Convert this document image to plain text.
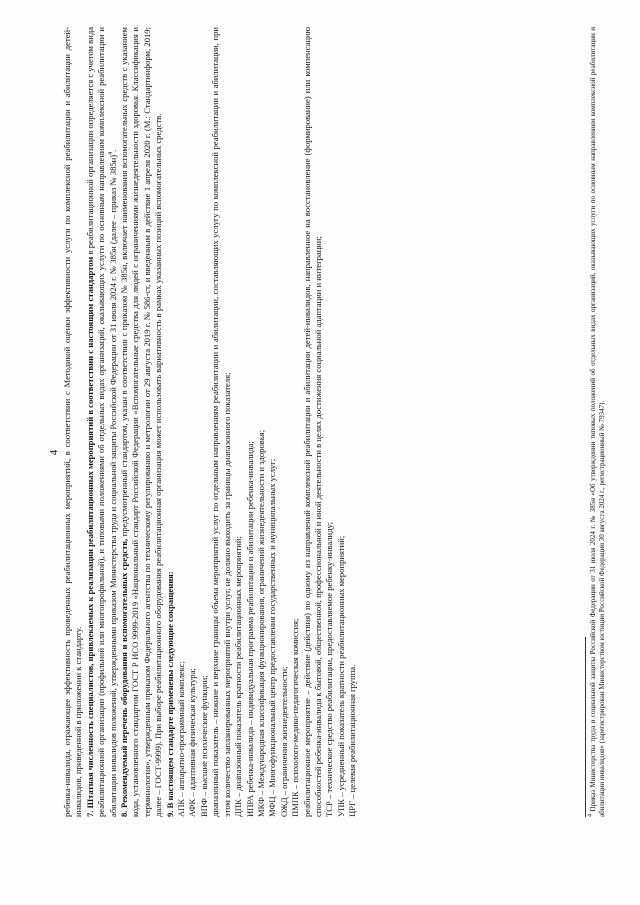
4 ребенка-инвалида, отражающее эффективность проведенных реабилитационных мероприятий, в соответствии с Методикой оценки эффективности услуги по комплексной реабилитации и абилитации детей-инвалидов, приведенной в приложении к стандарту. 7. Штатная численность специалистов, привлекаемых к реализации реабилитационных мероприятий в соответствии с настоящим стандартом в реабилитационной организации определяется с учетом вида реабилитационной организации (профильной или многопрофильной), и типовыми положениями об отдельных видах организаций, оказывающих услуги по основным направлениям комплексной реабилитации и абилитации инвалидов положений, утвержденными приказом Министерства труда и социальной защиты Российской Федерации от 31 июля 2024 г. № 385н (далее – приказ № 385н)$^4$.

8. Рекомендуемый перечень оборудования и вспомогательных средств, предусмотренный стандартом, указан в соответствии с приказом № 385н, включает наименования вспомогательных средств с указанием кода, установленного стандартом ГОСТ Р ИСО 9999-2019 «Национальный стандарт Российской Федерации «Вспомогательные средства для людей с ограничениями жизнедеятельности здоровья. Классификация и терминология», утвержденным приказом Федерального агентства по техническому регулированию и метрологии от 29 августа 2019 г. № 586-ст, и введенным в действие 1 апреля 2020 г. (М.: Стандартинформ, 2019; далее – ГОСТ-9999). При выборе реабилитационного оборудования реабилитационная организация может использовать вариативность в рамках указанных позиций вспомогательных средств. 9. В настоящем стандарте применены следующие сокращения: АПК – аппаратно-программный комплекс; АФК – адаптивная физическая культура; ВПФ – высшие психические функции; диапазонный показатель – нижние и верхние границы объема мероприятий услуг по отдельным направлениям реабилитации и абилитации, составляющих услугу по комплексной реабилитации и абилитации, при этом количество запланированных мероприятий внутри услуг, не должно выходить за границы диапазонного показателя; ДПК – диапазонный показатель кратности реабилитационных мероприятий; ИПРА ребенка-инвалида – индивидуальная программа реабилитации и абилитации ребенка-инвалида; МКФ – Международная классификация функционирования, ограничений жизнедеятельности и здоровья; МФЦ – Многофункциональный центр предоставления государственных и муниципальных услуг; ОЖД – ограничения жизнедеятельности; ПМПК – психолого-медико-педагогическая комиссия; реабилитационное мероприятие – действие (действия) по одному из направлений комплексной реабилитации и абилитации детей-инвалидов, направленное на восстановление (формирование) или компенсацию способностей ребенка-инвалида к бытовой, общественной, профессиональной и иной деятельности в целях достижения социальной адаптации и интеграции; ТСР – техническое средство реабилитации, предоставляемое ребенку-инвалиду; УПК – усредненный показатель кратности реабилитационных мероприятий; ЦРГ – целевая реабилитационная группа.	$^4$ Приказ Министерства труда и социальной защиты Российской Федерации от 31 июля 2024 г. № 385н «Об утверждении типовых положений об отдельных видах организаций, оказывающих услуги по основным направлениям комплексной реабилитации и абилитации инвалидов» (зарегистрирован Министерством юстиции Российской Федерации 30 августа 2024 г., регистрационный № 79347).
